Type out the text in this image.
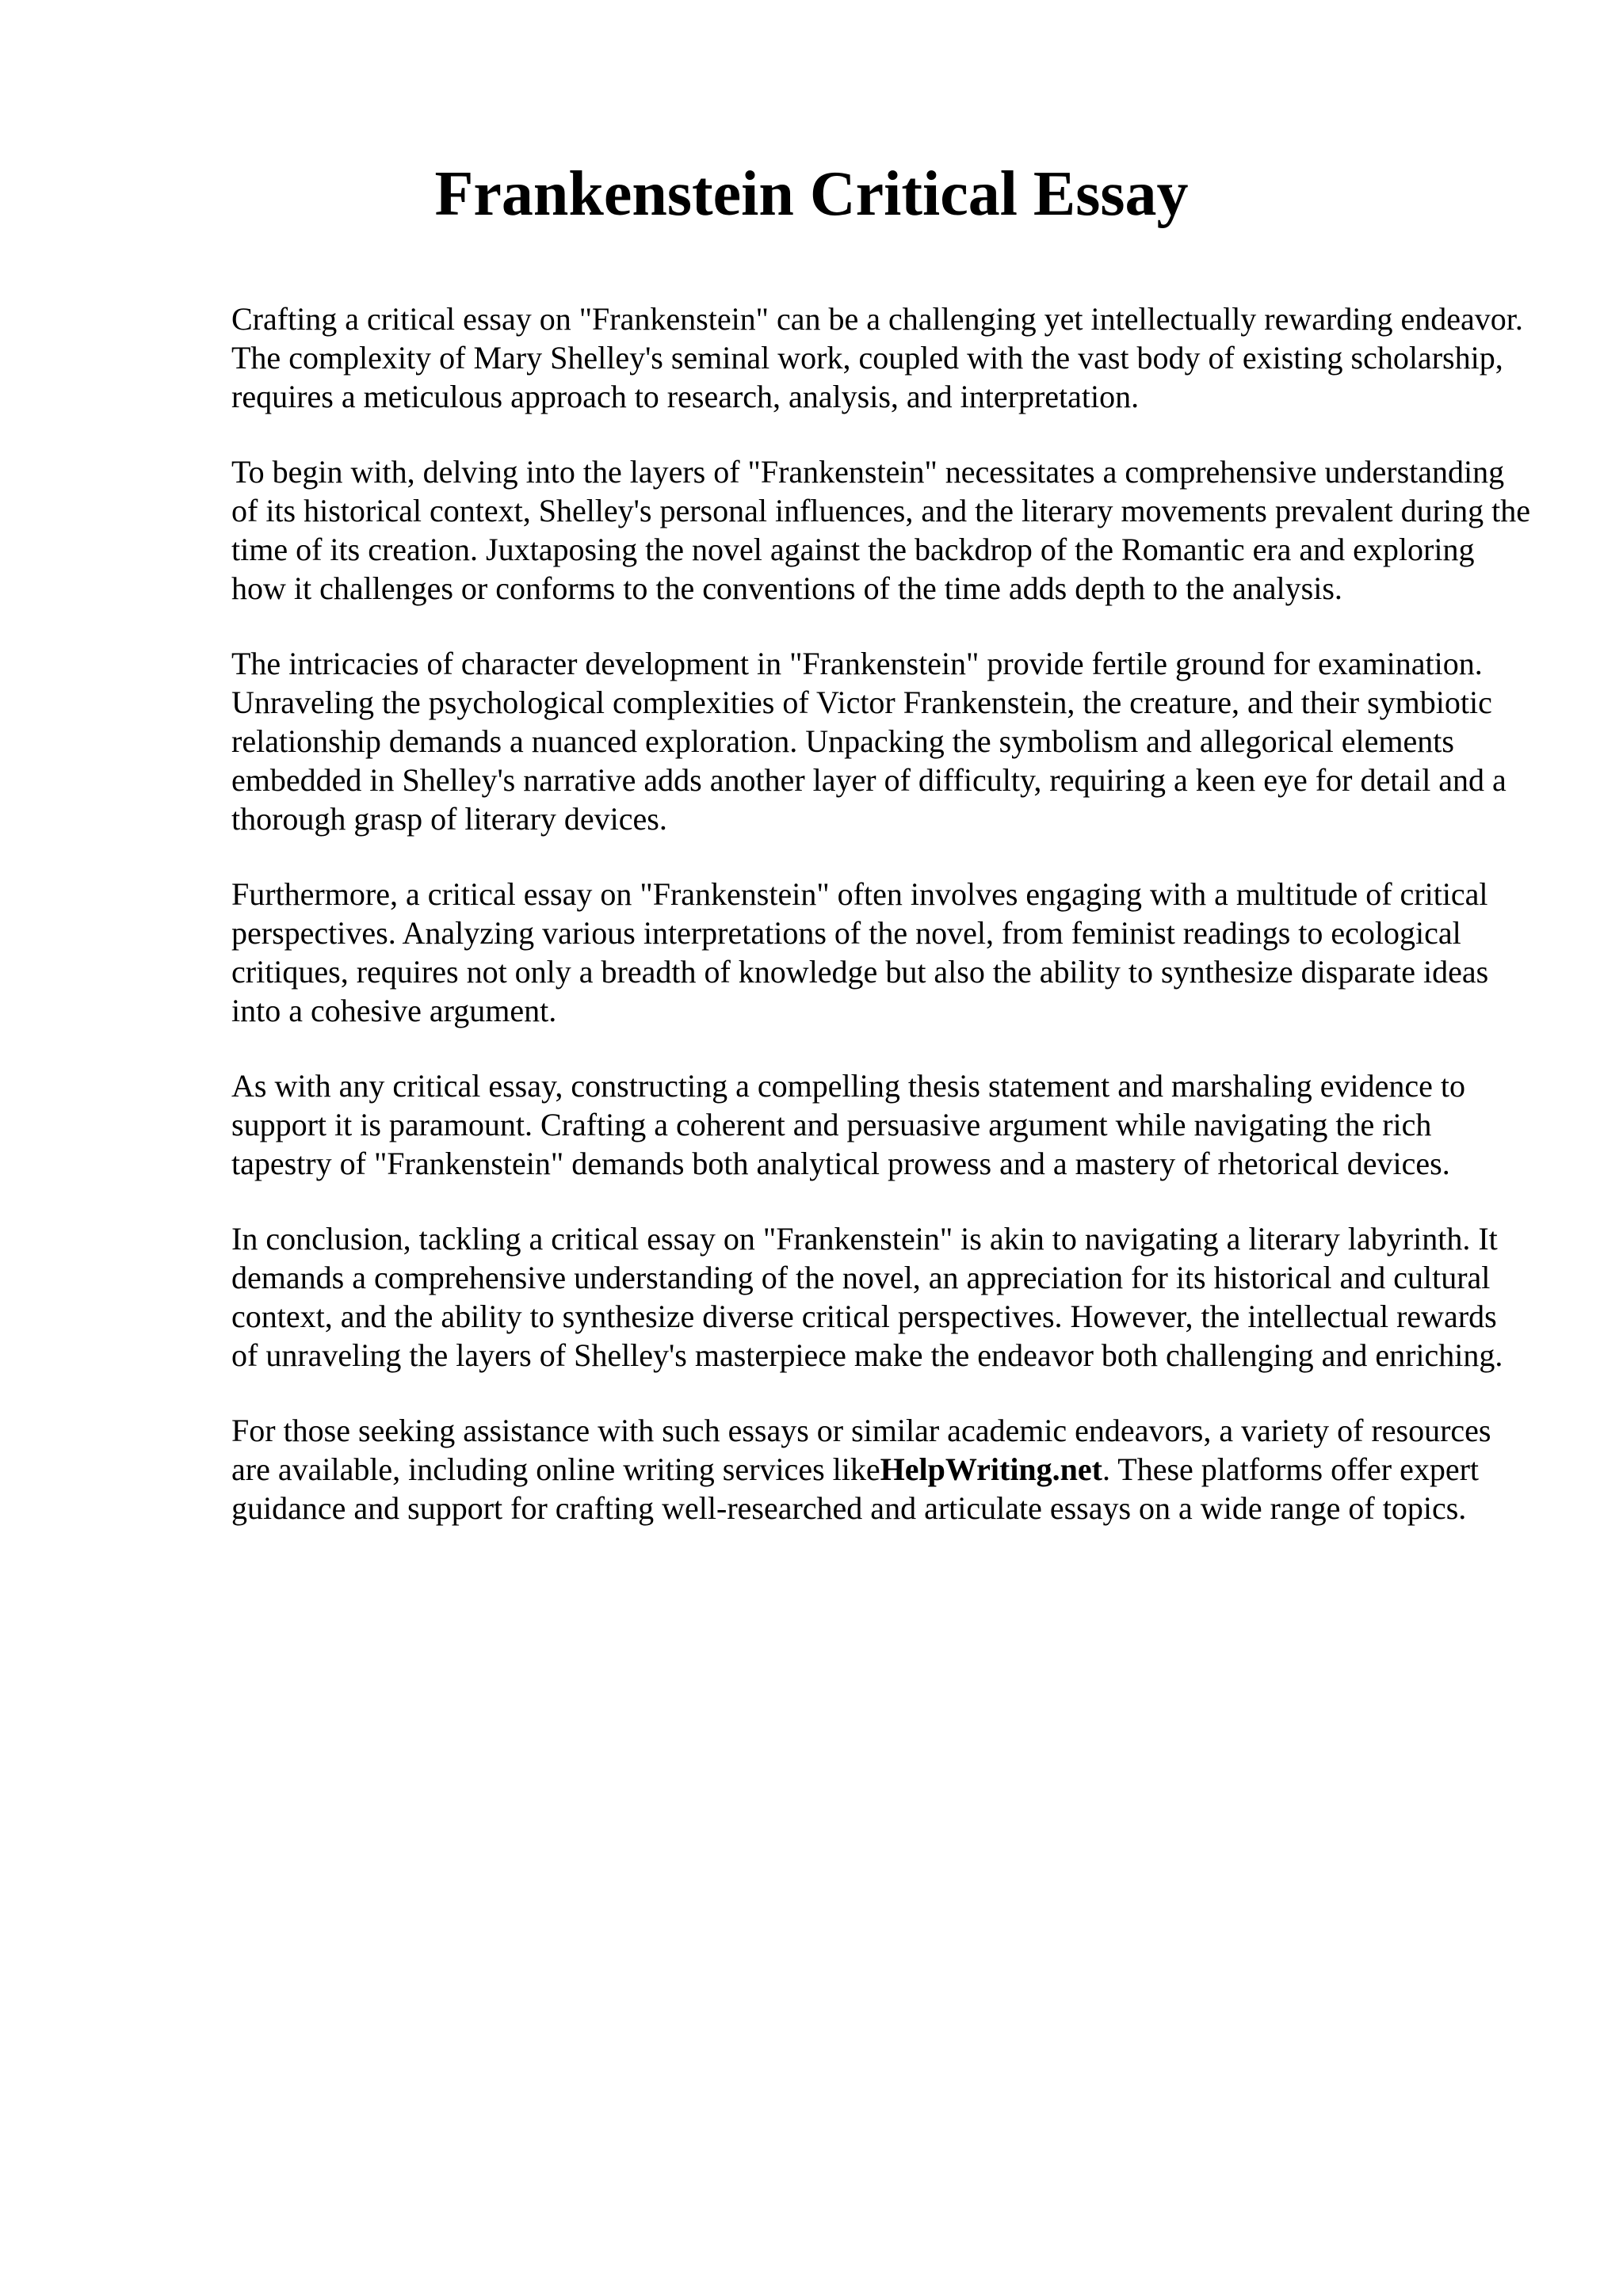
Frankenstein Critical Essay

Crafting a critical essay on "Frankenstein" can be a challenging yet intellectually rewarding endeavor. The complexity of Mary Shelley's seminal work, coupled with the vast body of existing scholarship, requires a meticulous approach to research, analysis, and interpretation.

To begin with, delving into the layers of "Frankenstein" necessitates a comprehensive understanding of its historical context, Shelley's personal influences, and the literary movements prevalent during the time of its creation. Juxtaposing the novel against the backdrop of the Romantic era and exploring how it challenges or conforms to the conventions of the time adds depth to the analysis.

The intricacies of character development in "Frankenstein" provide fertile ground for examination. Unraveling the psychological complexities of Victor Frankenstein, the creature, and their symbiotic relationship demands a nuanced exploration. Unpacking the symbolism and allegorical elements embedded in Shelley's narrative adds another layer of difficulty, requiring a keen eye for detail and a thorough grasp of literary devices.

Furthermore, a critical essay on "Frankenstein" often involves engaging with a multitude of critical perspectives. Analyzing various interpretations of the novel, from feminist readings to ecological critiques, requires not only a breadth of knowledge but also the ability to synthesize disparate ideas into a cohesive argument.

As with any critical essay, constructing a compelling thesis statement and marshaling evidence to support it is paramount. Crafting a coherent and persuasive argument while navigating the rich tapestry of "Frankenstein" demands both analytical prowess and a mastery of rhetorical devices.

In conclusion, tackling a critical essay on "Frankenstein" is akin to navigating a literary labyrinth. It demands a comprehensive understanding of the novel, an appreciation for its historical and cultural context, and the ability to synthesize diverse critical perspectives. However, the intellectual rewards of unraveling the layers of Shelley's masterpiece make the endeavor both challenging and enriching.

For those seeking assistance with such essays or similar academic endeavors, a variety of resources are available, including online writing services likeHelpWriting.net. These platforms offer expert guidance and support for crafting well-researched and articulate essays on a wide range of topics.
